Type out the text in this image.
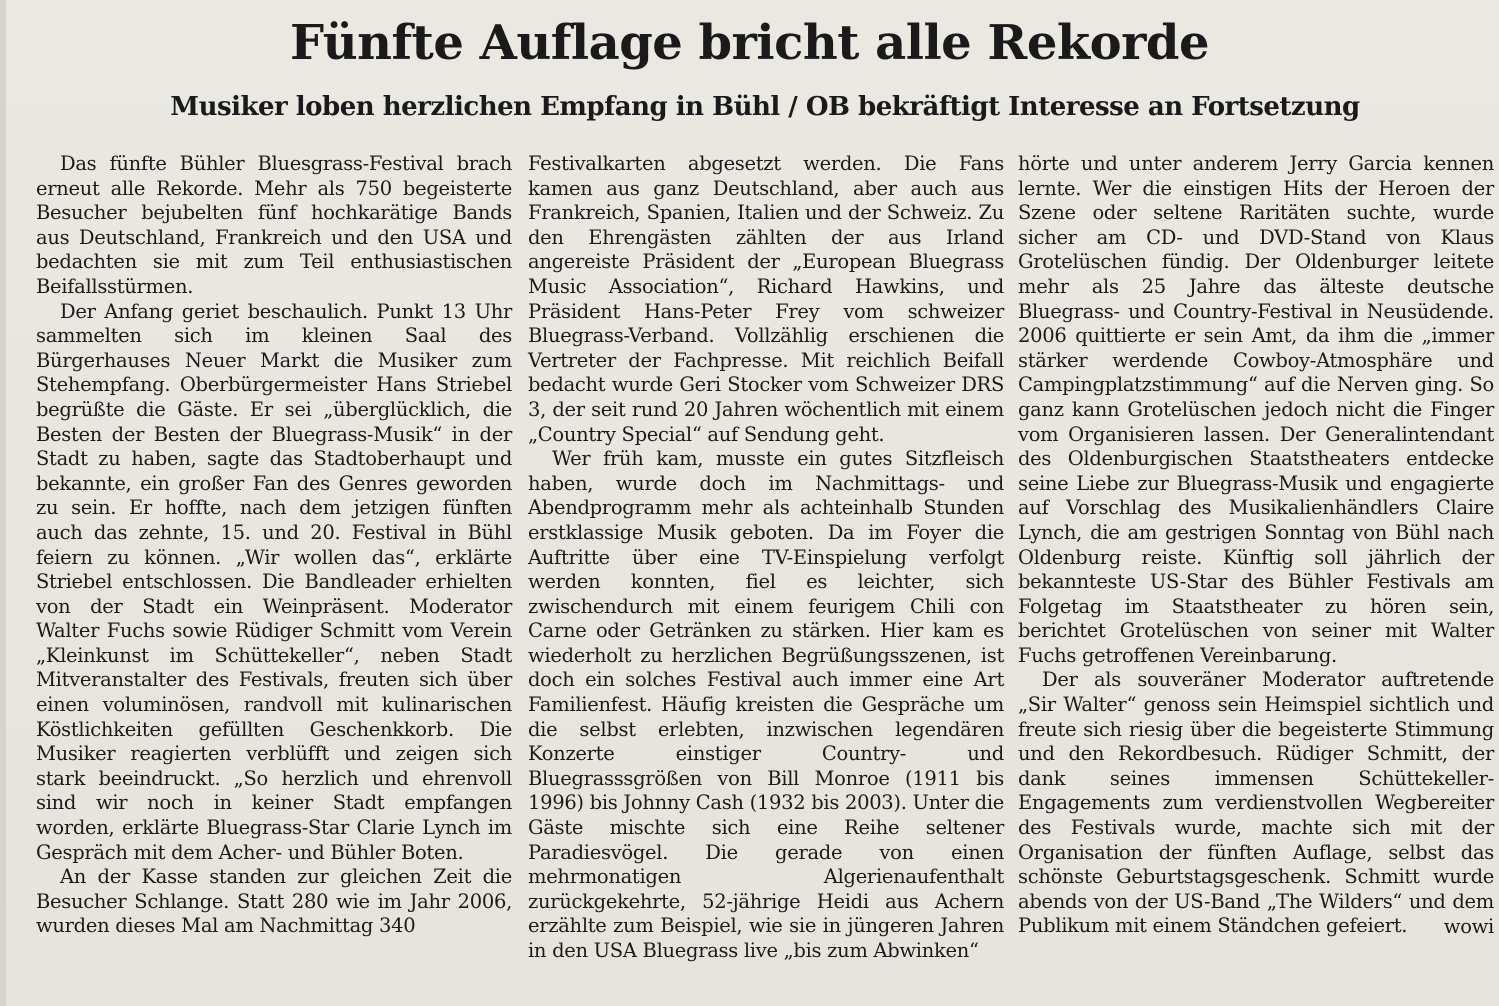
Fünfte Auflage bricht alle Rekorde
Musiker loben herzlichen Empfang in Bühl / OB bekräftigt Interesse an Fortsetzung

Das fünfte Bühler Bluesgrass-Festival brach erneut alle Rekorde. Mehr als 750 begeisterte Besucher bejubelten fünf hochkarätige Bands aus Deutschland, Frankreich und den USA und bedachten sie mit zum Teil enthusiastischen Beifallsstürmen.

Der Anfang geriet beschaulich. Punkt 13 Uhr sammelten sich im kleinen Saal des Bürgerhauses Neuer Markt die Musiker zum Stehempfang. Oberbürgermeister Hans Striebel begrüßte die Gäste. Er sei „überglücklich, die Besten der Besten der Bluegrass-Musik“ in der Stadt zu haben, sagte das Stadtoberhaupt und bekannte, ein großer Fan des Genres geworden zu sein. Er hoffte, nach dem jetzigen fünften auch das zehnte, 15. und 20. Festival in Bühl feiern zu können. „Wir wollen das“, erklärte Striebel entschlossen. Die Bandleader erhielten von der Stadt ein Weinpräsent. Moderator Walter Fuchs sowie Rüdiger Schmitt vom Verein „Kleinkunst im Schüttekeller“, neben Stadt Mitveranstalter des Festivals, freuten sich über einen voluminösen, randvoll mit kulinarischen Köstlichkeiten gefüllten Geschenkkorb. Die Musiker reagierten verblüfft und zeigen sich stark beeindruckt. „So herzlich und ehrenvoll sind wir noch in keiner Stadt empfangen worden, erklärte Bluegrass-Star Clarie Lynch im Gespräch mit dem Acher- und Bühler Boten.

An der Kasse standen zur gleichen Zeit die Besucher Schlange. Statt 280 wie im Jahr 2006, wurden dieses Mal am Nachmittag 340

Festivalkarten abgesetzt werden. Die Fans kamen aus ganz Deutschland, aber auch aus Frankreich, Spanien, Italien und der Schweiz. Zu den Ehrengästen zählten der aus Irland angereiste Präsident der „European Bluegrass Music Association“, Richard Hawkins, und Präsident Hans-Peter Frey vom schweizer Bluegrass-Verband. Vollzählig erschienen die Vertreter der Fachpresse. Mit reichlich Beifall bedacht wurde Geri Stocker vom Schweizer DRS 3, der seit rund 20 Jahren wöchentlich mit einem „Country Special“ auf Sendung geht.

Wer früh kam, musste ein gutes Sitzfleisch haben, wurde doch im Nachmittags- und Abendprogramm mehr als achteinhalb Stunden erstklassige Musik geboten. Da im Foyer die Auftritte über eine TV-Einspielung verfolgt werden konnten, fiel es leichter, sich zwischendurch mit einem feurigem Chili con Carne oder Getränken zu stärken. Hier kam es wiederholt zu herzlichen Begrüßungsszenen, ist doch ein solches Festival auch immer eine Art Familienfest. Häufig kreisten die Gespräche um die selbst erlebten, inzwischen legendären Konzerte einstiger Country- und Bluegrasssgrößen von Bill Monroe (1911 bis 1996) bis Johnny Cash (1932 bis 2003). Unter die Gäste mischte sich eine Reihe seltener Paradiesvögel. Die gerade von einen mehrmonatigen Algerienaufenthalt zurückgekehrte, 52-jährige Heidi aus Achern erzählte zum Beispiel, wie sie in jüngeren Jahren in den USA Bluegrass live „bis zum Abwinken“

hörte und unter anderem Jerry Garcia kennen lernte. Wer die einstigen Hits der Heroen der Szene oder seltene Raritäten suchte, wurde sicher am CD- und DVD-Stand von Klaus Grotelüschen fündig. Der Oldenburger leitete mehr als 25 Jahre das älteste deutsche Bluegrass- und Country-Festival in Neusüdende. 2006 quittierte er sein Amt, da ihm die „immer stärker werdende Cowboy-Atmosphäre und Campingplatzstimmung“ auf die Nerven ging. So ganz kann Grotelüschen jedoch nicht die Finger vom Organisieren lassen. Der Generalintendant des Oldenburgischen Staatstheaters entdecke seine Liebe zur Bluegrass-Musik und engagierte auf Vorschlag des Musikalienhändlers Claire Lynch, die am gestrigen Sonntag von Bühl nach Oldenburg reiste. Künftig soll jährlich der bekannteste US-Star des Bühler Festivals am Folgetag im Staatstheater zu hören sein, berichtet Grotelüschen von seiner mit Walter Fuchs getroffenen Vereinbarung.

Der als souveräner Moderator auftretende „Sir Walter“ genoss sein Heimspiel sichtlich und freute sich riesig über die begeisterte Stimmung und den Rekordbesuch. Rüdiger Schmitt, der dank seines immensen Schüttekeller-Engagements zum verdienstvollen Wegbereiter des Festivals wurde, machte sich mit der Organisation der fünften Auflage, selbst das schönste Geburtstagsgeschenk. Schmitt wurde abends von der US-Band „The Wilders“ und dem Publikum mit einem Ständchen gefeiert.	wowi
